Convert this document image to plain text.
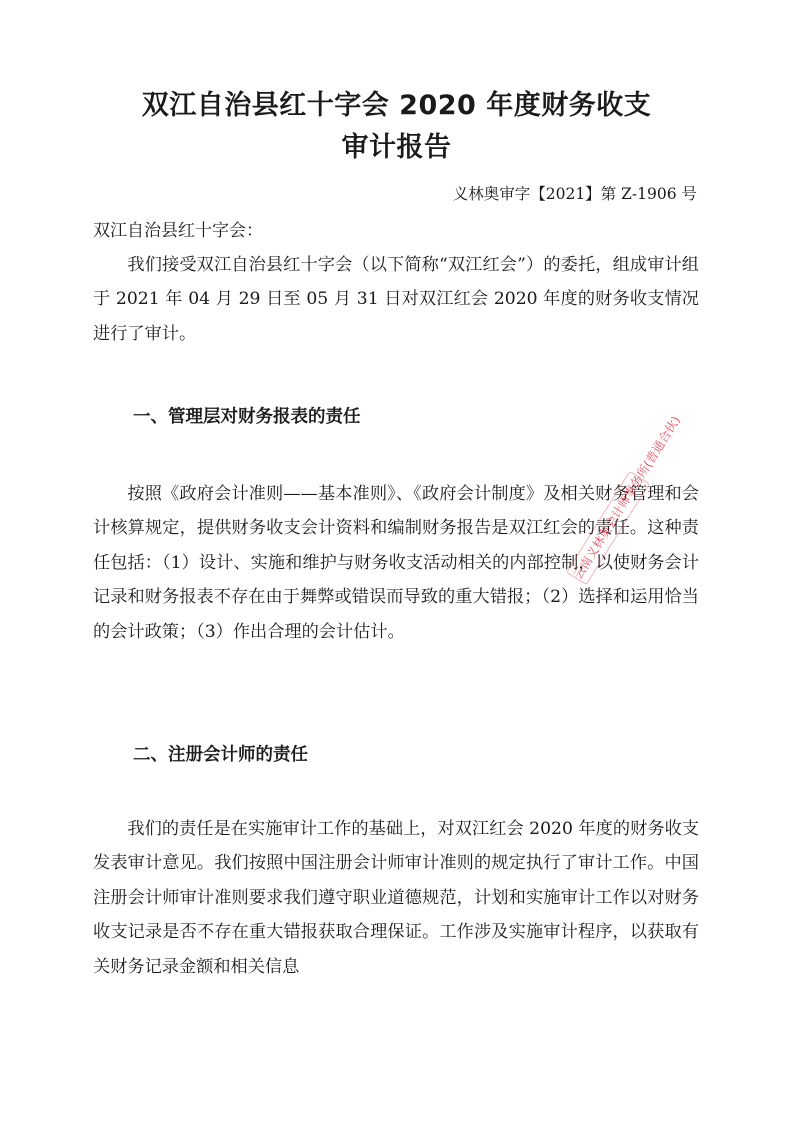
双江自治县红十字会 2020 年度财务收支
审计报告
义林奥审字【2021】第 Z-1906 号
双江自治县红十字会：

我们接受双江自治县红十字会（以下简称“双江红会”）的委托，组成审计组于 2021 年 04 月 29 日至 05 月 31 日对双江红会 2020 年度的财务收支情况进行了审计。

一、管理层对财务报表的责任

按照《政府会计准则——基本准则》、《政府会计制度》及相关财务管理和会计核算规定，提供财务收支会计资料和编制财务报告是双江红会的责任。这种责任包括：（1）设计、实施和维护与财务收支活动相关的内部控制，以使财务会计记录和财务报表不存在由于舞弊或错误而导致的重大错报；（2）选择和运用恰当的会计政策；（3）作出合理的会计估计。

二、注册会计师的责任

我们的责任是在实施审计工作的基础上，对双江红会 2020 年度的财务收支发表审计意见。我们按照中国注册会计师审计准则的规定执行了审计工作。中国注册会计师审计准则要求我们遵守职业道德规范，计划和实施审计工作以对财务收支记录是否不存在重大错报获取合理保证。工作涉及实施审计程序，以获取有关财务记录金额和相关信息

云南义林奥会计师事务所(普通合伙)
